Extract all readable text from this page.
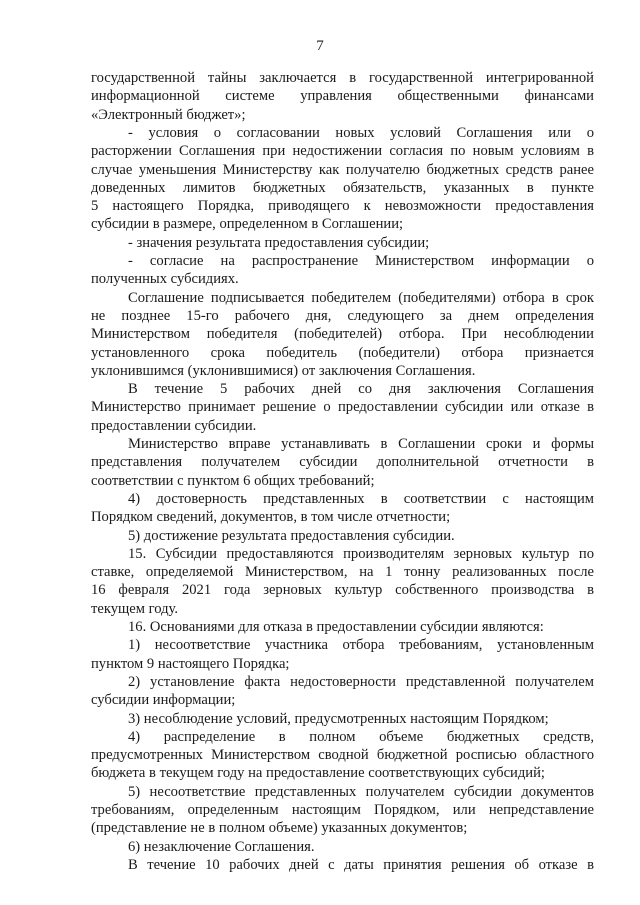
7
государственной тайны заключается в государственной интегрированной
информационной системе управления общественными финансами
«Электронный бюджет»;
- условия о согласовании новых условий Соглашения или о
расторжении Соглашения при недостижении согласия по новым условиям в
случае уменьшения Министерству как получателю бюджетных средств ранее
доведенных лимитов бюджетных обязательств, указанных в пункте
5 настоящего Порядка, приводящего к невозможности предоставления
субсидии в размере, определенном в Соглашении;
- значения результата предоставления субсидии;
- согласие на распространение Министерством информации о
полученных субсидиях.
Соглашение подписывается победителем (победителями) отбора в срок
не позднее 15-го рабочего дня, следующего за днем определения
Министерством победителя (победителей) отбора. При несоблюдении
установленного срока победитель (победители) отбора признается
уклонившимся (уклонившимися) от заключения Соглашения.
В течение 5 рабочих дней со дня заключения Соглашения
Министерство принимает решение о предоставлении субсидии или отказе в
предоставлении субсидии.
Министерство вправе устанавливать в Соглашении сроки и формы
представления получателем субсидии дополнительной отчетности в
соответствии с пунктом 6 общих требований;
4) достоверность представленных в соответствии с настоящим
Порядком сведений, документов, в том числе отчетности;
5) достижение результата предоставления субсидии.
15. Субсидии предоставляются производителям зерновых культур по
ставке, определяемой Министерством, на 1 тонну реализованных после
16 февраля 2021 года зерновых культур собственного производства в
текущем году.
16. Основаниями для отказа в предоставлении субсидии являются:
1) несоответствие участника отбора требованиям, установленным
пунктом 9 настоящего Порядка;
2) установление факта недостоверности представленной получателем
субсидии информации;
3) несоблюдение условий, предусмотренных настоящим Порядком;
4) распределение в полном объеме бюджетных средств,
предусмотренных Министерством сводной бюджетной росписью областного
бюджета в текущем году на предоставление соответствующих субсидий;
5) несоответствие представленных получателем субсидии документов
требованиям, определенным настоящим Порядком, или непредставление
(представление не в полном объеме) указанных документов;
6) незаключение Соглашения.
В течение 10 рабочих дней с даты принятия решения об отказе в
